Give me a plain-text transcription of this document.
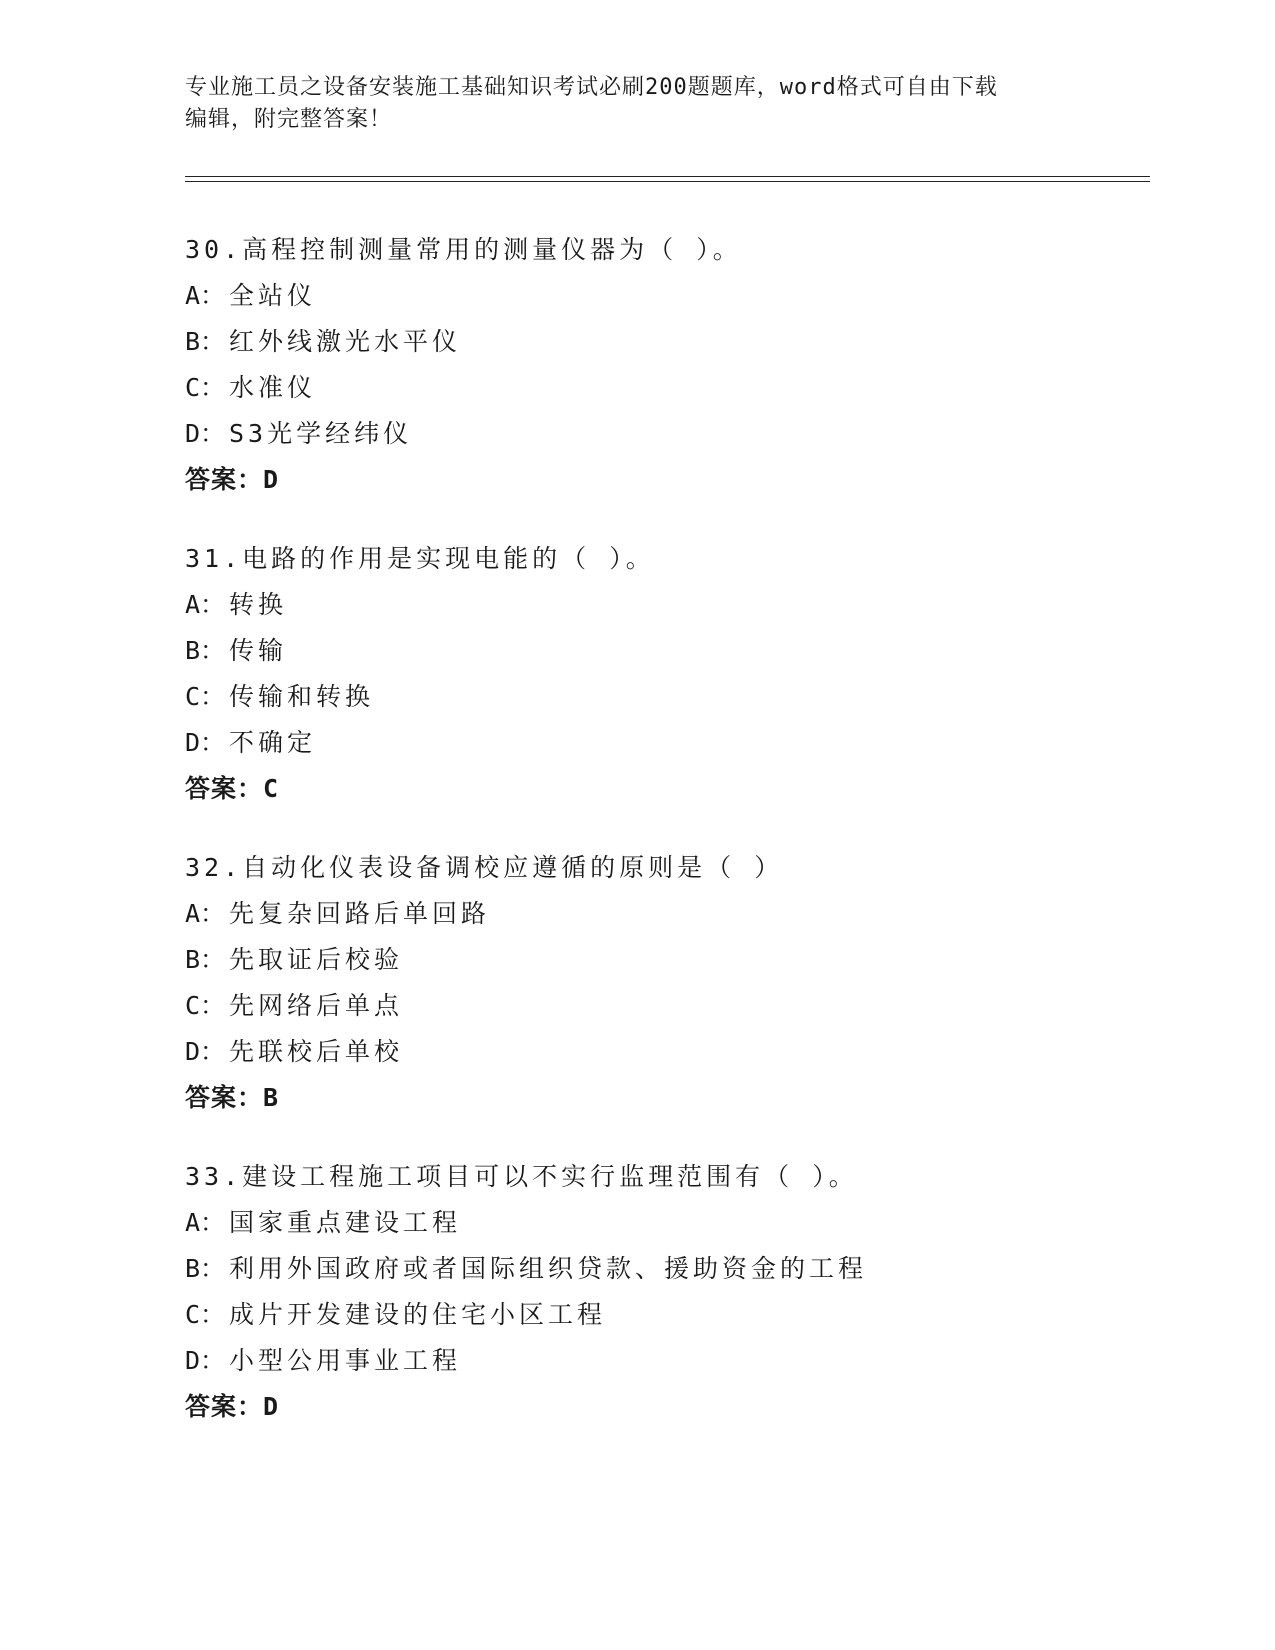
专业施工员之设备安装施工基础知识考试必刷200题题库，word格式可自由下载
编辑，附完整答案！
30.高程控制测量常用的测量仪器为（ ）。
A： 全站仪
B： 红外线激光水平仪
C： 水准仪
D： S3光学经纬仪
答案：D
31.电路的作用是实现电能的（ ）。
A： 转换
B： 传输
C： 传输和转换
D： 不确定
答案：C
32.自动化仪表设备调校应遵循的原则是（ ）
A： 先复杂回路后单回路
B： 先取证后校验
C： 先网络后单点
D： 先联校后单校
答案：B
33.建设工程施工项目可以不实行监理范围有（ ）。
A： 国家重点建设工程
B： 利用外国政府或者国际组织贷款、援助资金的工程
C： 成片开发建设的住宅小区工程
D： 小型公用事业工程
答案：D
